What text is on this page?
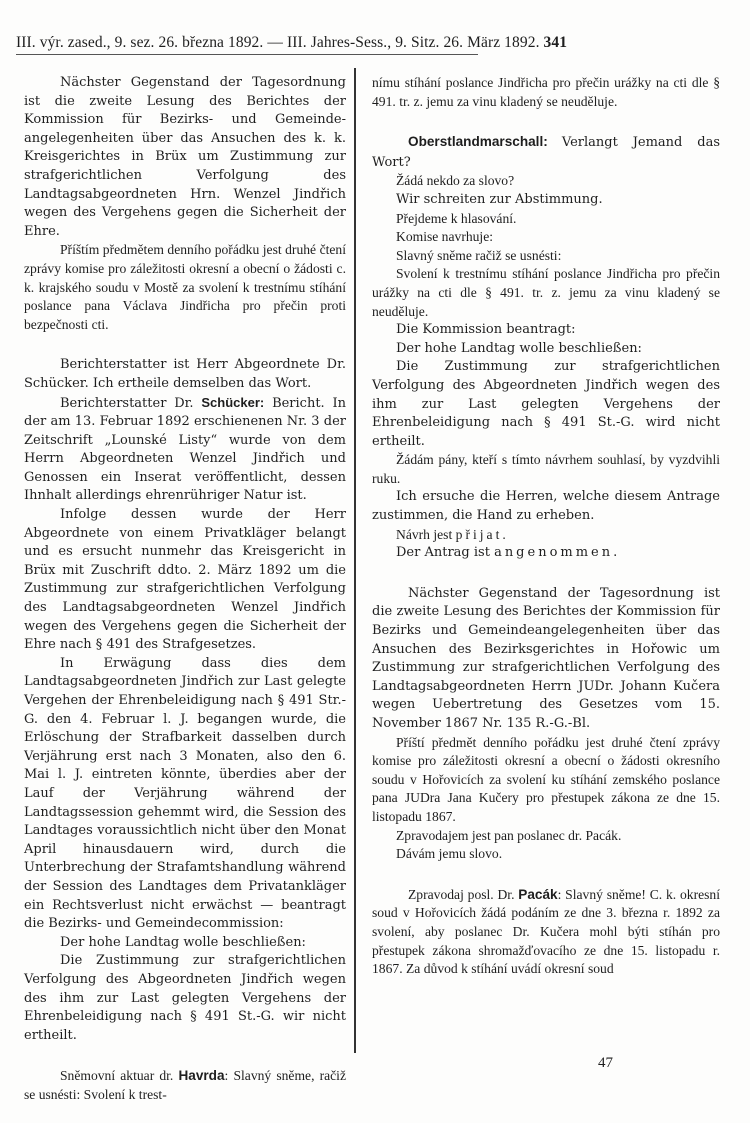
III. výr. zased., 9. sez. 26. března 1892. — III. Jahres-Sess., 9. Sitz. 26. März 1892. 341

Nächster Gegenstand der Tagesordnung ist die zweite Lesung des Berichtes der Kommission für Bezirks- und Gemeinde-angelegenheiten über das Ansuchen des k. k. Kreisgerichtes in Brüx um Zustimmung zur strafgerichtlichen Verfolgung des Landtagsabgeordneten Hrn. Wenzel Jindřich wegen des Vergehens gegen die Sicherheit der Ehre.

Příštím předmětem denního pořádku jest druhé čtení zprávy komise pro záležitosti okresní a obecní o žádosti c. k. krajského soudu v Mostě za svolení k trestnímu stíhání poslance pana Václava Jindřicha pro přečin proti bezpečnosti cti.

Berichterstatter ist Herr Abgeordnete Dr. Schücker. Ich ertheile demselben das Wort.

Berichterstatter Dr. Schücker: Bericht. In der am 13. Februar 1892 erschienenen Nr. 3 der Zeitschrift „Lounské Listy“ wurde von dem Herrn Abgeordneten Wenzel Jindřich und Genossen ein Inserat veröffentlicht, dessen Ihnhalt allerdings ehrenrühriger Natur ist.

Infolge dessen wurde der Herr Abgeordnete von einem Privatkläger belangt und es ersucht nunmehr das Kreisgericht in Brüx mit Zuschrift ddto. 2. März 1892 um die Zustimmung zur strafgerichtlichen Verfolgung des Landtagsabgeordneten Wenzel Jindřich wegen des Vergehens gegen die Sicherheit der Ehre nach § 491 des Strafgesetzes.

In Erwägung dass dies dem Landtagsabgeordneten Jindřich zur Last gelegte Vergehen der Ehrenbeleidigung nach § 491 Str.-G. den 4. Februar l. J. begangen wurde, die Erlöschung der Strafbarkeit dasselben durch Verjährung erst nach 3 Monaten, also den 6. Mai l. J. eintreten könnte, überdies aber der Lauf der Verjährung während der Landtagssession gehemmt wird, die Session des Landtages voraussichtlich nicht über den Monat April hinausdauern wird, durch die Unterbrechung der Strafamtshandlung während der Session des Landtages dem Privatankläger ein Rechtsverlust nicht erwächst — beantragt die Bezirks- und Gemeindecommission:

Der hohe Landtag wolle beschließen:

Die Zustimmung zur strafgerichtlichen Verfolgung des Abgeordneten Jindřich wegen des ihm zur Last gelegten Vergehens der Ehrenbeleidigung nach § 491 St.-G. wir nicht ertheilt.

Sněmovní aktuar dr. Havrda: Slavný sněme, račiž se usnésti: Svolení k trest-

nímu stíhání poslance Jindřicha pro přečin urážky na cti dle § 491. tr. z. jemu za vinu kladený se neuděluje.

Oberstlandmarschall: Verlangt Jemand das Wort?

Žádá nekdo za slovo?

Wir schreiten zur Abstimmung.

Přejdeme k hlasování.

Komise navrhuje:

Slavný sněme račiž se usnésti:

Svolení k trestnímu stíhání poslance Jindřicha pro přečin urážky na cti dle § 491. tr. z. jemu za vinu kladený se neuděluje.

Die Kommission beantragt:

Der hohe Landtag wolle beschließen:

Die Zustimmung zur strafgerichtlichen Verfolgung des Abgeordneten Jindřich wegen des ihm zur Last gelegten Vergehens der Ehrenbeleidigung nach § 491 St.-G. wird nicht ertheilt.

Žádám pány, kteří s tímto návrhem souhlasí, by vyzdvihli ruku.

Ich ersuche die Herren, welche diesem Antrage zustimmen, die Hand zu erheben.

Návrh jest přijat.

Der Antrag ist angenommen.

Nächster Gegenstand der Tagesordnung ist die zweite Lesung des Berichtes der Kommission für Bezirks und Gemeindeangelegenheiten über das Ansuchen des Bezirksgerichtes in Hořowic um Zustimmung zur strafgerichtlichen Verfolgung des Landtagsabgeordneten Herrn JUDr. Johann Kučera wegen Uebertretung des Gesetzes vom 15. November 1867 Nr. 135 R.-G.-Bl.

Příští předmět denního pořádku jest druhé čtení zprávy komise pro záležitosti okresní a obecní o žádosti okresního soudu v Hořovicích za svolení ku stíhání zemského poslance pana JUDra Jana Kučery pro přestupek zákona ze dne 15. listopadu 1867.

Zpravodajem jest pan poslanec dr. Pacák.

Dávám jemu slovo.

Zpravodaj posl. Dr. Pacák: Slavný sněme! C. k. okresní soud v Hořovicích žádá podáním ze dne 3. března r. 1892 za svolení, aby poslanec Dr. Kučera mohl býti stíhán pro přestupek zákona shromažďovacího ze dne 15. listopadu r. 1867. Za důvod k stíhání uvádí okresní soud

47
